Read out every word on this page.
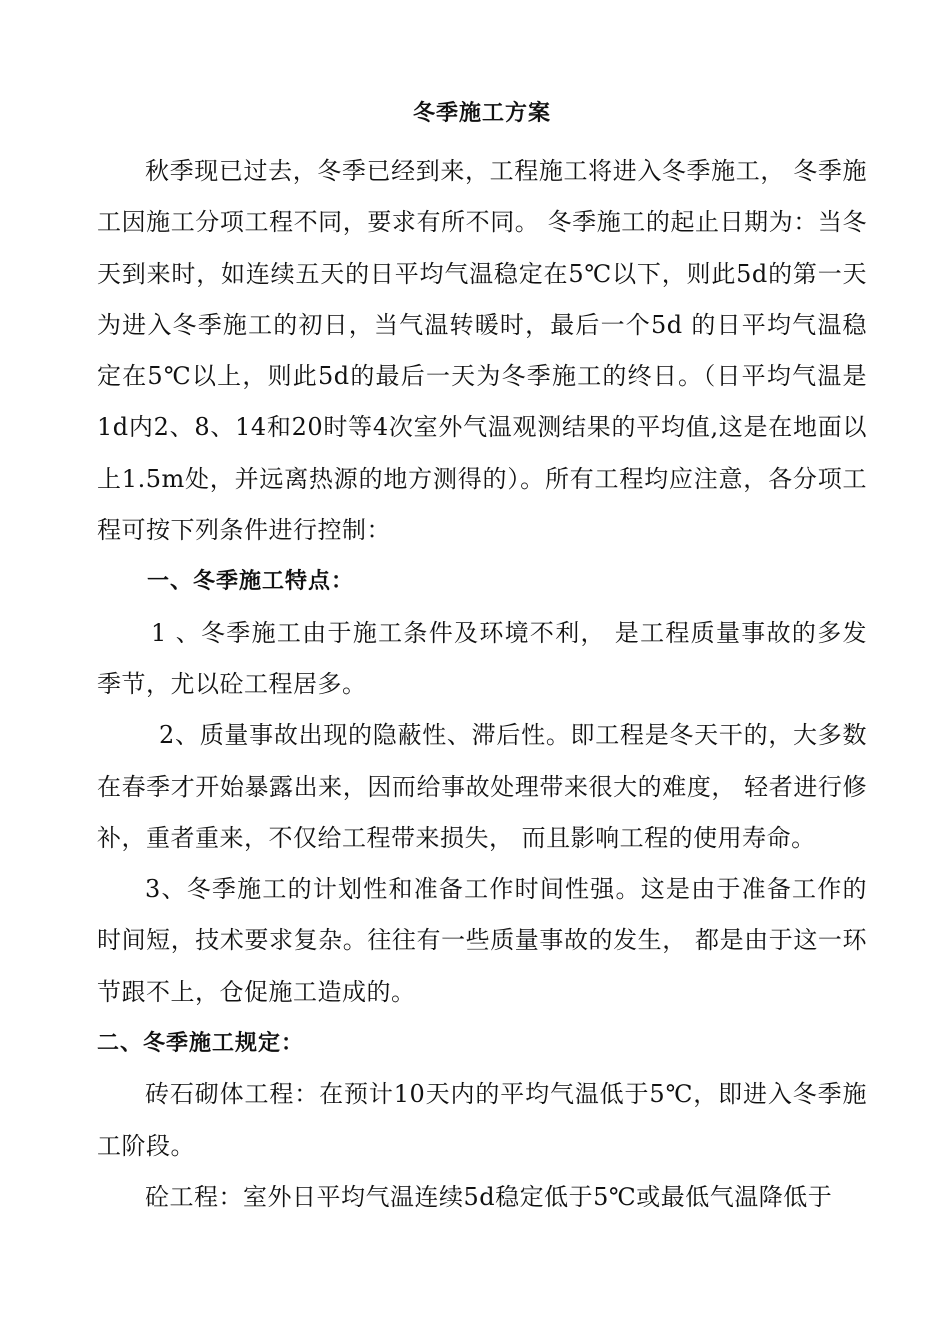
冬季施工方案

秋季现已过去，冬季已经到来，工程施工将进入冬季施工， 冬季施工因施工分项工程不同，要求有所不同。 冬季施工的起止日期为：当冬天到来时，如连续五天的日平均气温稳定在5℃以下，则此5d的第一天为进入冬季施工的初日，当气温转暖时，最后一个5d 的日平均气温稳定在5℃以上，则此5d的最后一天为冬季施工的终日。（日平均气温是1d内2、8、14和20时等4次室外气温观测结果的平均值,这是在地面以上1.5m处，并远离热源的地方测得的）。所有工程均应注意，各分项工程可按下列条件进行控制：

一、冬季施工特点：

1 、冬季施工由于施工条件及环境不利， 是工程质量事故的多发季节，尤以砼工程居多。

2、质量事故出现的隐蔽性、滞后性。即工程是冬天干的，大多数在春季才开始暴露出来，因而给事故处理带来很大的难度， 轻者进行修补，重者重来，不仅给工程带来损失， 而且影响工程的使用寿命。

3、冬季施工的计划性和准备工作时间性强。这是由于准备工作的时间短，技术要求复杂。往往有一些质量事故的发生， 都是由于这一环节跟不上，仓促施工造成的。

二、冬季施工规定：

砖石砌体工程：在预计10天内的平均气温低于5℃，即进入冬季施工阶段。

砼工程：室外日平均气温连续5d稳定低于5℃或最低气温降低于
